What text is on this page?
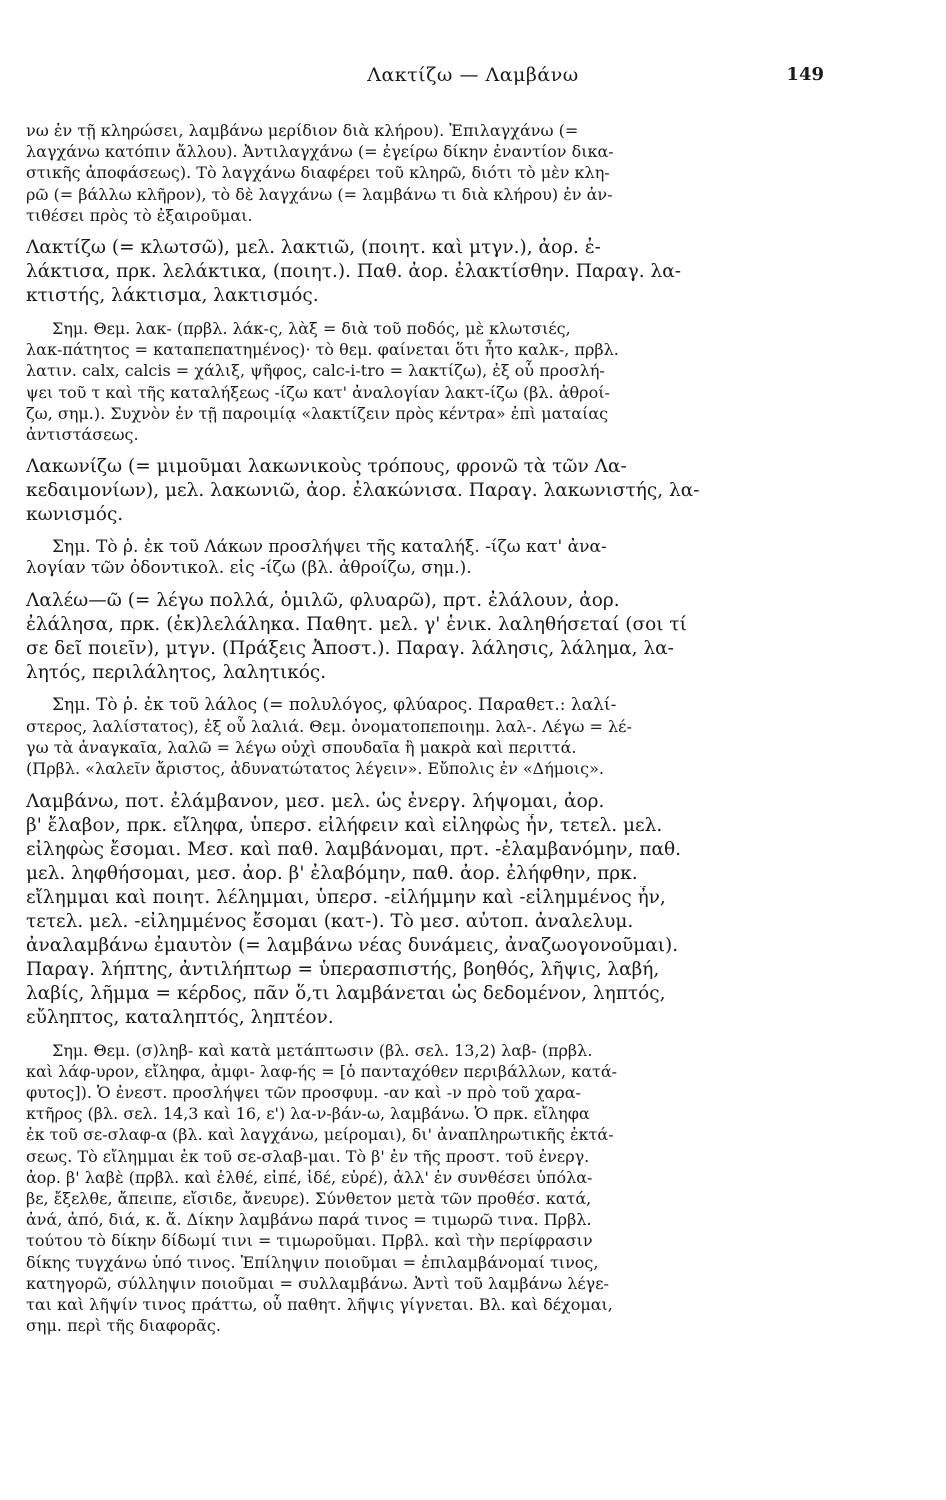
Λακτίζω — Λαμβάνω	149
νω ἐν τῇ κληρώσει, λαμβάνω μερίδιον διὰ κλήρου). Ἐπιλαγχάνω (=
λαγχάνω κατόπιν ἄλλου). Ἀντιλαγχάνω (= ἐγείρω δίκην ἐναντίον δικα-
στικῆς ἀποφάσεως). Τὸ λαγχάνω διαφέρει τοῦ κληρῶ, διότι τὸ μὲν κλη-
ρῶ (= βάλλω κλῆρον), τὸ δὲ λαγχάνω (= λαμβάνω τι διὰ κλήρου) ἐν ἀν-
τιθέσει πρὸς τὸ ἐξαιροῦμαι.
Λακτίζω (= κλωτσῶ), μελ. λακτιῶ, (ποιητ. καὶ μτγν.), ἀορ. ἐ-
λάκτισα, πρκ. λελάκτικα, (ποιητ.). Παθ. ἀορ. ἐλακτίσθην. Παραγ. λα-
κτιστής, λάκτισμα, λακτισμός.
Σημ. Θεμ. λακ- (πρβλ. λάκ-ς, λὰξ = διὰ τοῦ ποδός, μὲ κλωτσιές,
λακ-πάτητος = καταπεπατημένος)· τὸ θεμ. φαίνεται ὅτι ἦτο καλκ-, πρβλ.
λατιν. calx, calcis = χάλιξ, ψῆφος, calc-i-tro = λακτίζω), ἐξ οὗ προσλή-
ψει τοῦ τ καὶ τῆς καταλήξεως -ίζω κατ' ἀναλογίαν λακτ-ίζω (βλ. ἀθροί-
ζω, σημ.). Συχνὸν ἐν τῇ παροιμίᾳ «λακτίζειν πρὸς κέντρα» ἐπὶ ματαίας
ἀντιστάσεως.
Λακωνίζω (= μιμοῦμαι λακωνικοὺς τρόπους, φρονῶ τὰ τῶν Λα-
κεδαιμονίων), μελ. λακωνιῶ, ἀορ. ἐλακώνισα. Παραγ. λακωνιστής, λα-
κωνισμός.
Σημ. Τὸ ῥ. ἐκ τοῦ Λάκων προσλήψει τῆς καταλήξ. -ίζω κατ' ἀνα-
λογίαν τῶν ὀδοντικολ. εἰς -ίζω (βλ. ἀθροίζω, σημ.).
Λαλέω—ῶ (= λέγω πολλά, ὁμιλῶ, φλυαρῶ), πρτ. ἐλάλουν, ἀορ.
ἐλάλησα, πρκ. (ἐκ)λελάληκα. Παθητ. μελ. γ' ἑνικ. λαληθήσεταί (σοι τί
σε δεῖ ποιεῖν), μτγν. (Πράξεις Ἀποστ.). Παραγ. λάλησις, λάλημα, λα-
λητός, περιλάλητος, λαλητικός.
Σημ. Τὸ ῥ. ἐκ τοῦ λάλος (= πολυλόγος, φλύαρος. Παραθετ.: λαλί-
στερος, λαλίστατος), ἐξ οὗ λαλιά. Θεμ. ὀνοματοπεποιημ. λαλ-. Λέγω = λέ-
γω τὰ ἀναγκαῖα, λαλῶ = λέγω οὐχὶ σπουδαῖα ἢ μακρὰ καὶ περιττά.
(Πρβλ. «λαλεῖν ἄριστος, ἀδυνατώτατος λέγειν». Εὔπολις ἐν «Δήμοις».
Λαμβάνω, ποτ. ἐλάμβανον, μεσ. μελ. ὡς ἐνεργ. λήψομαι, ἀορ.
β' ἔλαβον, πρκ. εἴληφα, ὑπερσ. εἰλήφειν καὶ εἰληφὼς ἦν, τετελ. μελ.
εἰληφὼς ἔσομαι. Μεσ. καὶ παθ. λαμβάνομαι, πρτ. -ἐλαμβανόμην, παθ.
μελ. ληφθήσομαι, μεσ. ἀορ. β' ἐλαβόμην, παθ. ἀορ. ἐλήφθην, πρκ.
εἴλημμαι καὶ ποιητ. λέλημμαι, ὑπερσ. -εἰλήμμην καὶ -εἰλημμένος ἦν,
τετελ. μελ. -εἰλημμένος ἔσομαι (κατ-). Τὸ μεσ. αὐτοπ. ἀναλελυμ.
ἀναλαμβάνω ἐμαυτὸν (= λαμβάνω νέας δυνάμεις, ἀναζωογονοῦμαι).
Παραγ. λήπτης, ἀντιλήπτωρ = ὑπερασπιστής, βοηθός, λῆψις, λαβή,
λαβίς, λῆμμα = κέρδος, πᾶν ὅ,τι λαμβάνεται ὡς δεδομένον, ληπτός,
εὔληπτος, καταληπτός, ληπτέον.
Σημ. Θεμ. (σ)ληβ- καὶ κατὰ μετάπτωσιν (βλ. σελ. 13,2) λαβ- (πρβλ.
καὶ λάφ-υρον, εἴληφα, ἀμφι- λαφ-ής = [ὁ πανταχόθεν περιβάλλων, κατά-
φυτος]). Ὁ ἐνεστ. προσλήψει τῶν προσφυμ. -αν καὶ -ν πρὸ τοῦ χαρα-
κτῆρος (βλ. σελ. 14,3 καὶ 16, ε') λα-ν-βάν-ω, λαμβάνω. Ὁ πρκ. εἴληφα
ἐκ τοῦ σε-σλαφ-α (βλ. καὶ λαγχάνω, μείρομαι), δι' ἀναπληρωτικῆς ἐκτά-
σεως. Τὸ εἴλημμαι ἐκ τοῦ σε-σλαβ-μαι. Τὸ β' ἐν τῆς προστ. τοῦ ἐνεργ.
ἀορ. β' λαβὲ (πρβλ. καὶ ἐλθέ, εἰπέ, ἰδέ, εὑρέ), ἀλλ' ἐν συνθέσει ὑπόλα-
βε, ἔξελθε, ἄπειπε, εἴσιδε, ἄνευρε). Σύνθετον μετὰ τῶν προθέσ. κατά,
ἀνά, ἀπό, διά, κ. ἄ. Δίκην λαμβάνω παρά τινος = τιμωρῶ τινα. Πρβλ.
τούτου τὸ δίκην δίδωμί τινι = τιμωροῦμαι. Πρβλ. καὶ τὴν περίφρασιν
δίκης τυγχάνω ὑπό τινος. Ἐπίληψιν ποιοῦμαι = ἐπιλαμβάνομαί τινος,
κατηγορῶ, σύλληψιν ποιοῦμαι = συλλαμβάνω. Ἀντὶ τοῦ λαμβάνω λέγε-
ται καὶ λῆψίν τινος πράττω, οὗ παθητ. λῆψις γίγνεται. Βλ. καὶ δέχομαι,
σημ. περὶ τῆς διαφορᾶς.
